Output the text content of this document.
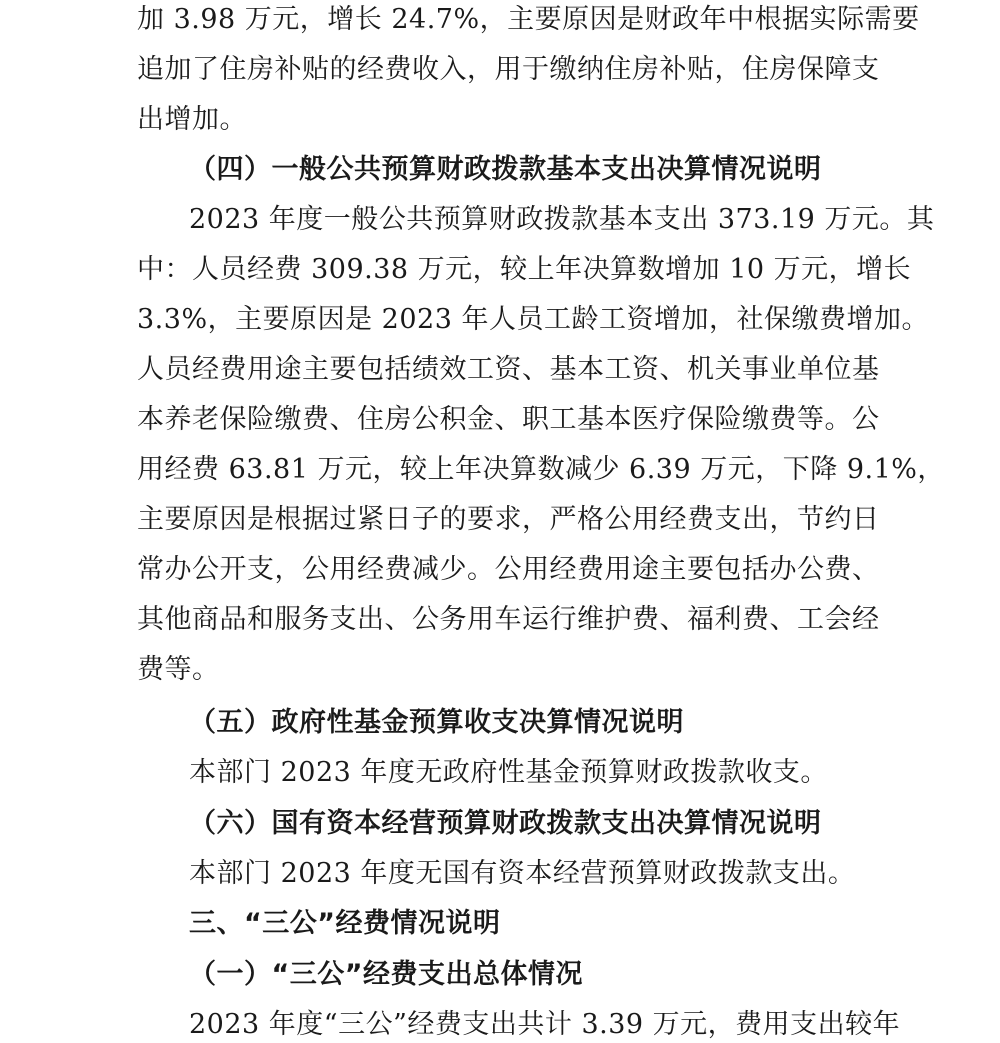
加 3.98 万元，增长 24.7%，主要原因是财政年中根据实际需要
追加了住房补贴的经费收入，用于缴纳住房补贴，住房保障支
出增加。
（四）一般公共预算财政拨款基本支出决算情况说明
2023 年度一般公共预算财政拨款基本支出 373.19 万元。其
中：人员经费 309.38 万元，较上年决算数增加 10 万元，增长
3.3%，主要原因是 2023 年人员工龄工资增加，社保缴费增加。
人员经费用途主要包括绩效工资、基本工资、机关事业单位基
本养老保险缴费、住房公积金、职工基本医疗保险缴费等。公
用经费 63.81 万元，较上年决算数减少 6.39 万元，下降 9.1%，
主要原因是根据过紧日子的要求，严格公用经费支出，节约日
常办公开支，公用经费减少。公用经费用途主要包括办公费、
其他商品和服务支出、公务用车运行维护费、福利费、工会经
费等。
（五）政府性基金预算收支决算情况说明
本部门 2023 年度无政府性基金预算财政拨款收支。
（六）国有资本经营预算财政拨款支出决算情况说明
本部门 2023 年度无国有资本经营预算财政拨款支出。
三、“三公”经费情况说明
（一）“三公”经费支出总体情况
2023 年度“三公”经费支出共计 3.39 万元，费用支出较年
